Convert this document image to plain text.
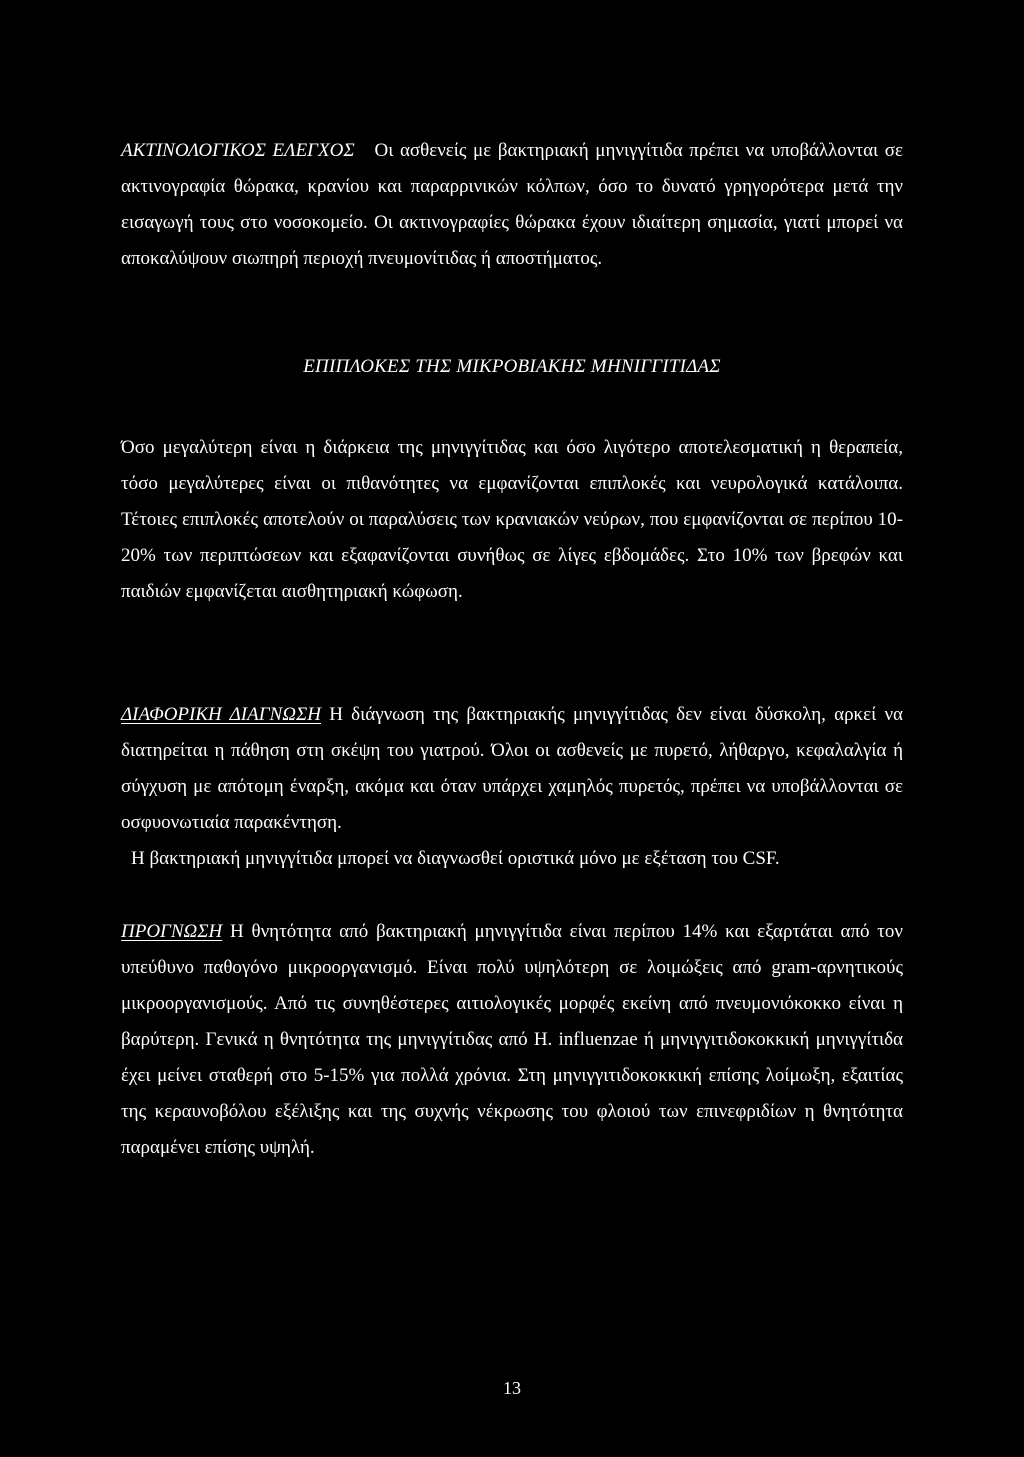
ΑΚΤΙΝΟΛΟΓΙΚΟΣ ΕΛΕΓΧΟΣ Οι ασθενείς με βακτηριακή μηνιγγίτιδα πρέπει να υποβάλλονται σε ακτινογραφία θώρακα, κρανίου και παραρρινικών κόλπων, όσο το δυνατό γρηγορότερα μετά την εισαγωγή τους στο νοσοκομείο. Οι ακτινογραφίες θώρακα έχουν ιδιαίτερη σημασία, γιατί μπορεί να αποκαλύψουν σιωπηρή περιοχή πνευμονίτιδας ή αποστήματος.

ΕΠΙΠΛΟΚΕΣ ΤΗΣ ΜΙΚΡΟΒΙΑΚΗΣ ΜΗΝΙΓΓΙΤΙΔΑΣ

Όσο μεγαλύτερη είναι η διάρκεια της μηνιγγίτιδας και όσο λιγότερο αποτελεσματική η θεραπεία, τόσο μεγαλύτερες είναι οι πιθανότητες να εμφανίζονται επιπλοκές και νευρολογικά κατάλοιπα. Τέτοιες επιπλοκές αποτελούν οι παραλύσεις των κρανιακών νεύρων, που εμφανίζονται σε περίπου 10-20% των περιπτώσεων και εξαφανίζονται συνήθως σε λίγες εβδομάδες. Στο 10% των βρεφών και παιδιών εμφανίζεται αισθητηριακή κώφωση.

ΔΙΑΦΟΡΙΚΗ ΔΙΑΓΝΩΣΗ Η διάγνωση της βακτηριακής μηνιγγίτιδας δεν είναι δύσκολη, αρκεί να διατηρείται η πάθηση στη σκέψη του γιατρού. Όλοι οι ασθενείς με πυρετό, λήθαργο, κεφαλαλγία ή σύγχυση με απότομη έναρξη, ακόμα και όταν υπάρχει χαμηλός πυρετός, πρέπει να υποβάλλονται σε οσφυονωτιαία παρακέντηση.
Η βακτηριακή μηνιγγίτιδα μπορεί να διαγνωσθεί οριστικά μόνο με εξέταση του CSF.

ΠΡΟΓΝΩΣΗ Η θνητότητα από βακτηριακή μηνιγγίτιδα είναι περίπου 14% και εξαρτάται από τον υπεύθυνο παθογόνο μικροοργανισμό. Είναι πολύ υψηλότερη σε λοιμώξεις από gram-αρνητικούς μικροοργανισμούς. Από τις συνηθέστερες αιτιολογικές μορφές εκείνη από πνευμονιόκοκκο είναι η βαρύτερη. Γενικά η θνητότητα της μηνιγγίτιδας από Η. influenzae ή μηνιγγιτιδοκοκκική μηνιγγίτιδα έχει μείνει σταθερή στο 5-15% για πολλά χρόνια. Στη μηνιγγιτιδοκοκκική επίσης λοίμωξη, εξαιτίας της κεραυνοβόλου εξέλιξης και της συχνής νέκρωσης του φλοιού των επινεφριδίων η θνητότητα παραμένει επίσης υψηλή.

13
